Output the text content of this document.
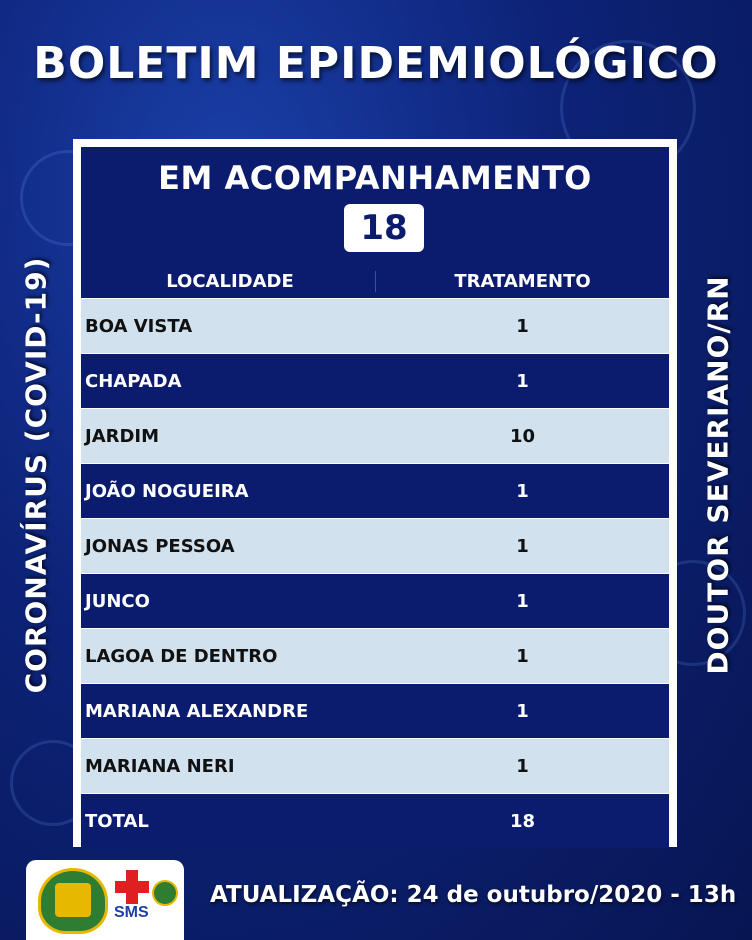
BOLETIM EPIDEMIOLÓGICO
CORONAVÍRUS (COVID-19)	DOUTOR SEVERIANO/RN
EM ACOMPANHAMENTO
18
LOCALIDADE	TRATAMENTO
BOA VISTA	1
CHAPADA	1
JARDIM	10
JOÃO NOGUEIRA	1
JONAS PESSOA	1
JUNCO	1
LAGOA DE DENTRO	1
MARIANA ALEXANDRE	1
MARIANA NERI	1
TOTAL	18
SMS
ATUALIZAÇÃO: 24 de outubro/2020 - 13h
